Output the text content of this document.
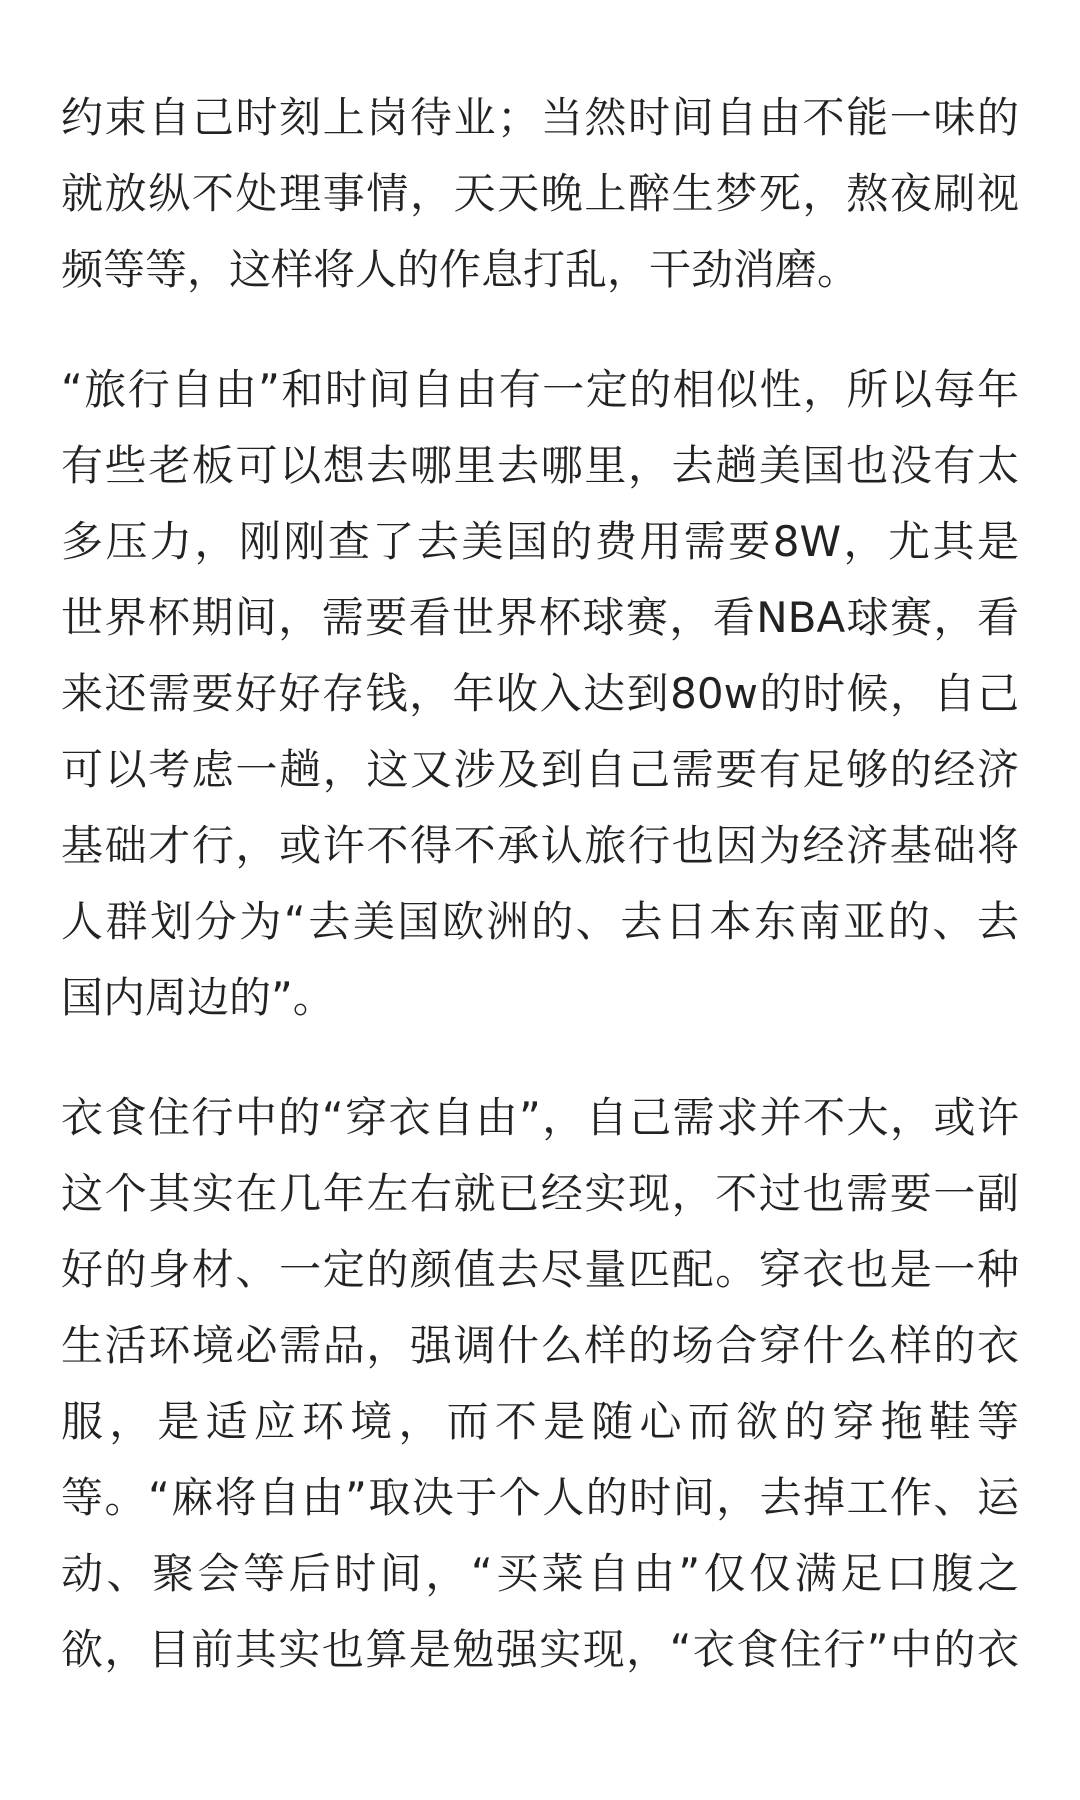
约束自己时刻上岗待业；当然时间自由不能一味的
就放纵不处理事情，天天晚上醉生梦死，熬夜刷视
频等等，这样将人的作息打乱，干劲消磨。
“旅行自由”和时间自由有一定的相似性，所以每年
有些老板可以想去哪里去哪里，去趟美国也没有太
多压力，刚刚查了去美国的费用需要8W，尤其是
世界杯期间，需要看世界杯球赛，看NBA球赛，看
来还需要好好存钱，年收入达到80w的时候，自己
可以考虑一趟，这又涉及到自己需要有足够的经济
基础才行，或许不得不承认旅行也因为经济基础将
人群划分为“去美国欧洲的、去日本东南亚的、去
国内周边的”。
衣食住行中的“穿衣自由”，自己需求并不大，或许
这个其实在几年左右就已经实现，不过也需要一副
好的身材、一定的颜值去尽量匹配。穿衣也是一种
生活环境必需品，强调什么样的场合穿什么样的衣
服，是适应环境，而不是随心而欲的穿拖鞋等
等。“麻将自由”取决于个人的时间，去掉工作、运
动、聚会等后时间，“买菜自由”仅仅满足口腹之
欲，目前其实也算是勉强实现，“衣食住行”中的衣
